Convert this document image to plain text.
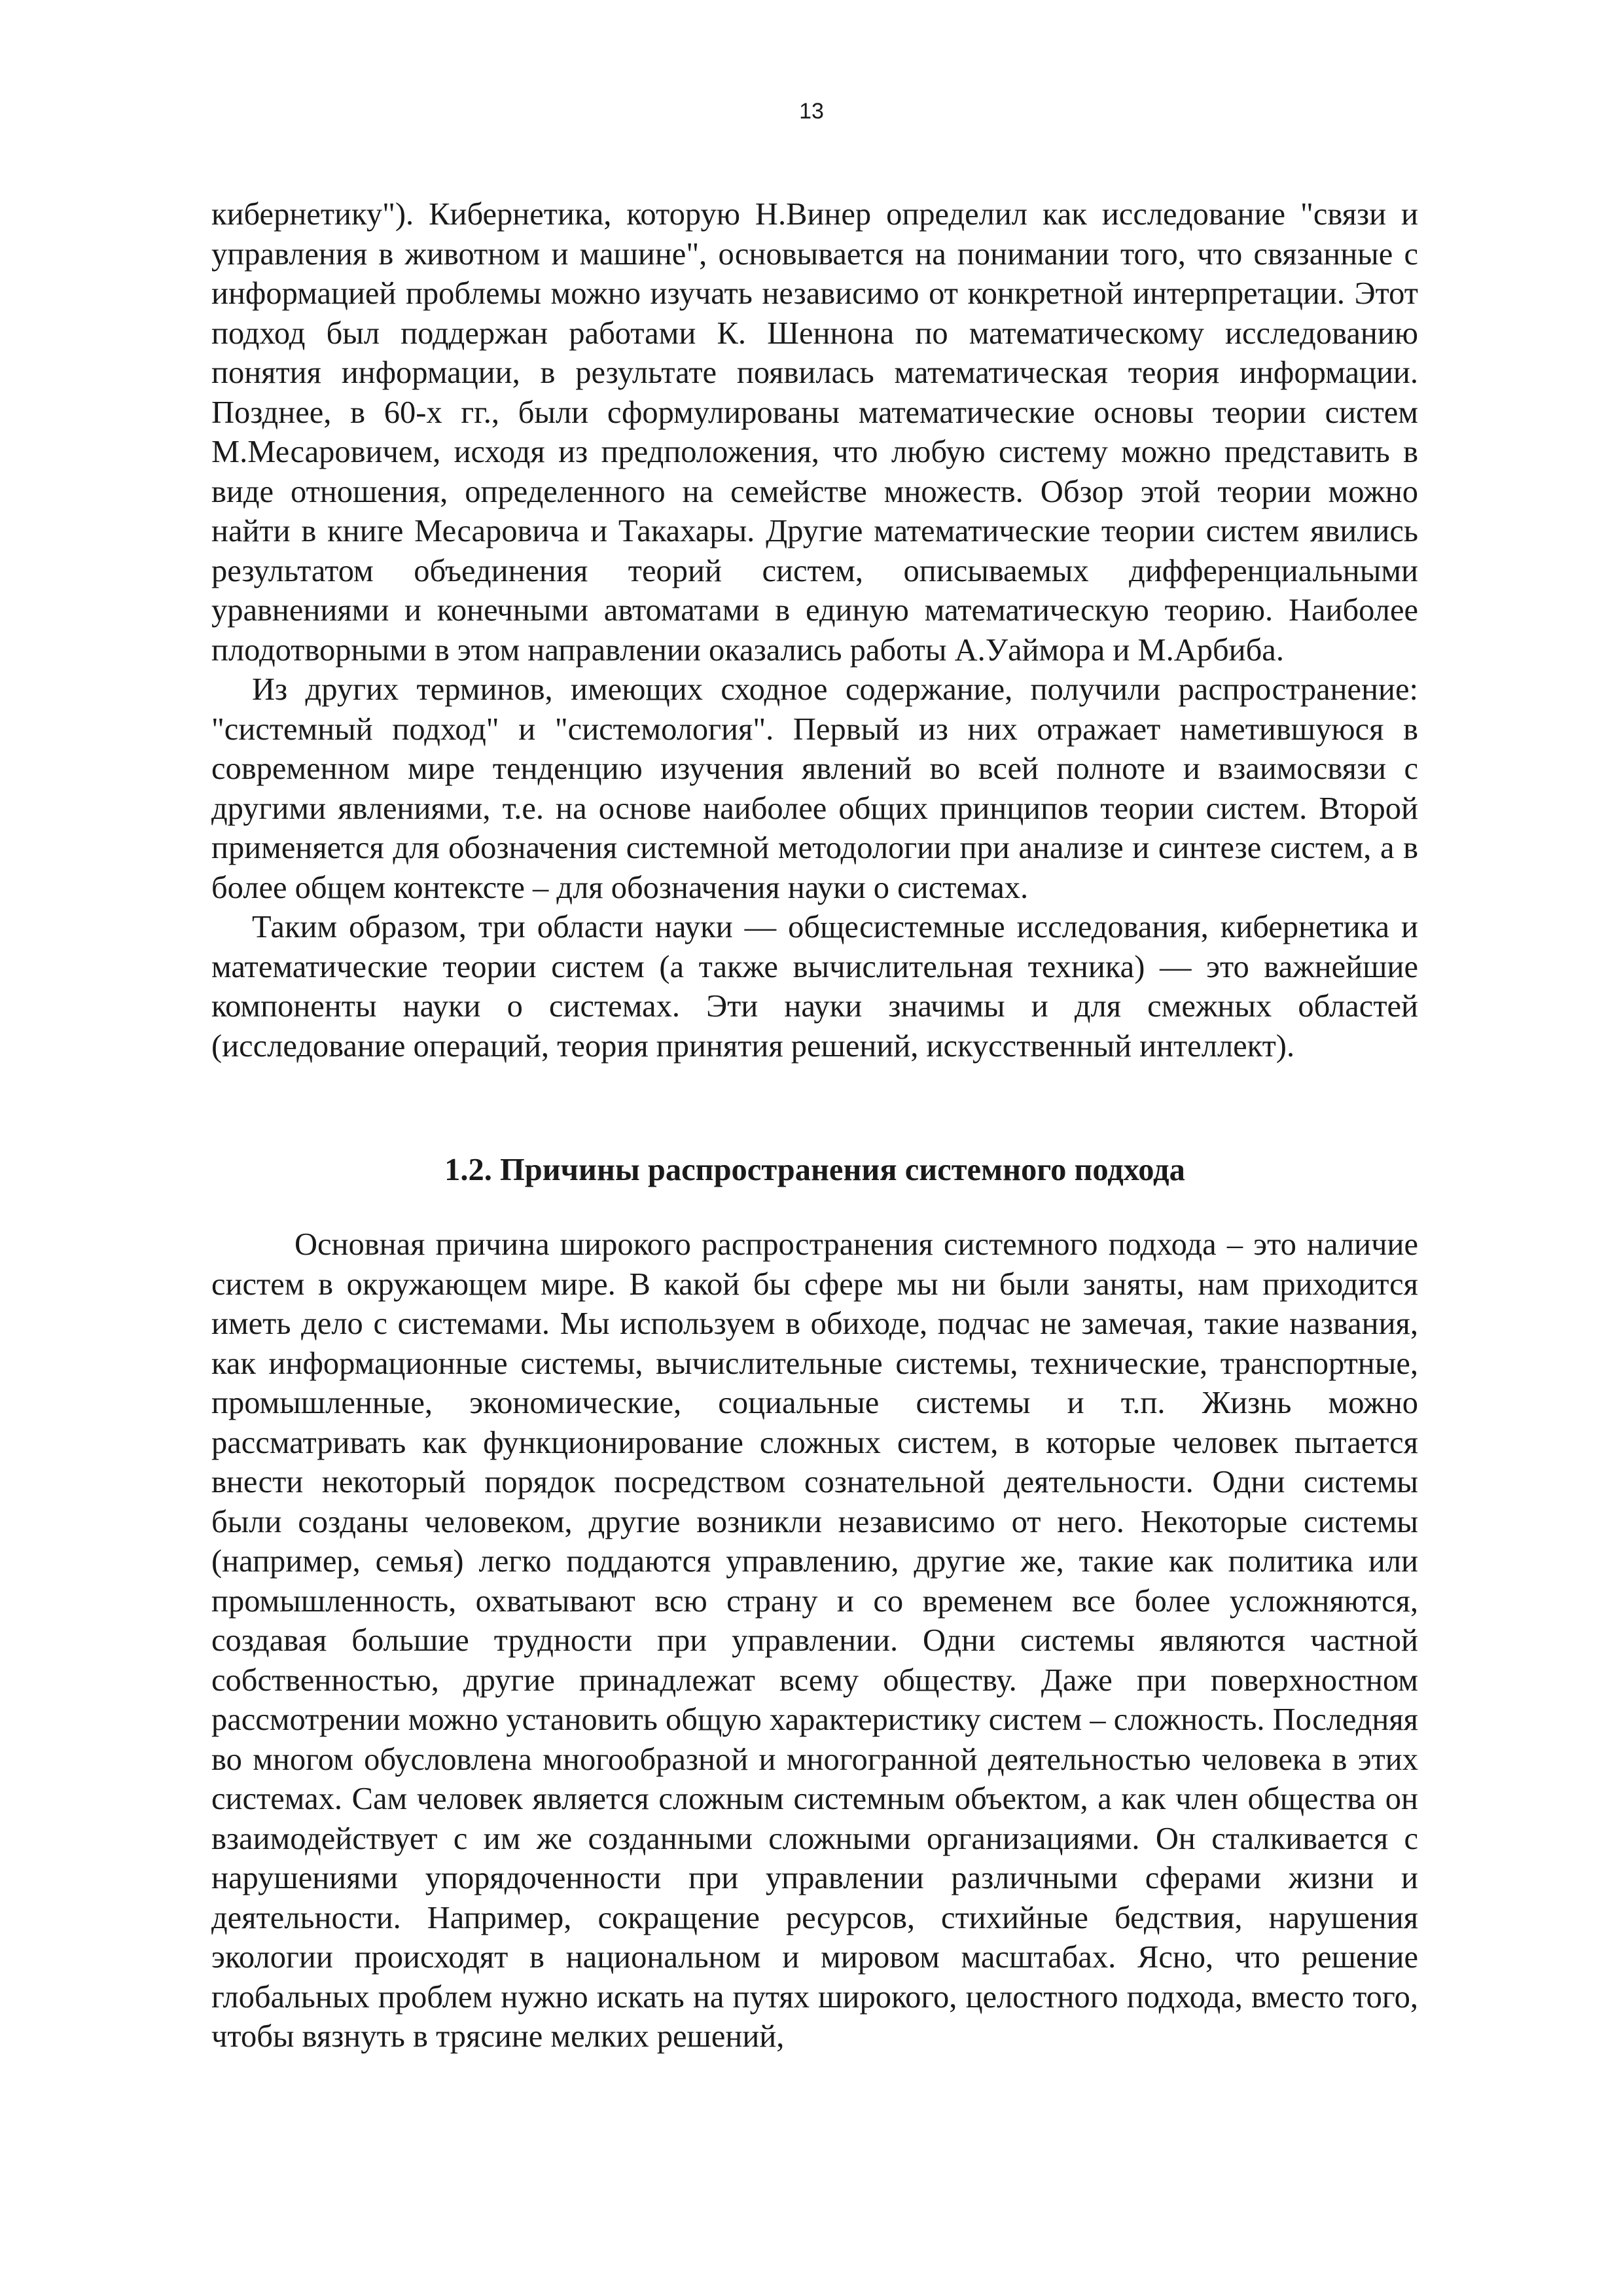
13

кибернетику"). Кибернетика, которую Н.Винер определил как исследование "связи и управления в животном и машине", основывается на понимании того, что связанные с информацией проблемы можно изучать независимо от конкретной интерпретации. Этот подход был поддержан работами К. Шеннона по математическому исследованию понятия информации, в результате появилась математическая теория информации. Позднее, в 60-х гг., были сформулированы математические основы теории систем М.Месаровичем, исходя из предположения, что любую систему можно представить в виде отношения, определенного на семействе множеств. Обзор этой теории можно найти в книге Месаровича и Такахары. Другие математические теории систем явились результатом объединения теорий систем, описываемых дифференциальными уравнениями и конечными автоматами в единую математическую теорию. Наиболее плодотворными в этом направлении оказались работы А.Уаймора и М.Арбиба.

Из других терминов, имеющих сходное содержание, получили распространение: "системный подход" и "системология". Первый из них отражает наметившуюся в современном мире тенденцию изучения явлений во всей полноте и взаимосвязи с другими явлениями, т.е. на основе наиболее общих принципов теории систем. Второй применяется для обозначения системной методологии при анализе и синтезе систем, а в более общем контексте – для обозначения науки о системах.

Таким образом, три области науки — общесистемные исследования, кибернетика и математические теории систем (а также вычислительная техника) — это важнейшие компоненты науки о системах. Эти науки значимы и для смежных областей (исследование операций, теория принятия решений, искусственный интеллект).

1.2. Причины распространения системного подхода

Основная причина широкого распространения системного подхода – это наличие систем в окружающем мире. В какой бы сфере мы ни были заняты, нам приходится иметь дело с системами. Мы используем в обиходе, подчас не замечая, такие названия, как информационные системы, вычислительные системы, технические, транспортные, промышленные, экономические, социальные системы и т.п. Жизнь можно рассматривать как функционирование сложных систем, в которые человек пытается внести некоторый порядок посредством сознательной деятельности. Одни системы были созданы человеком, другие возникли независимо от него. Некоторые системы (например, семья) легко поддаются управлению, другие же, такие как политика или промышленность, охватывают всю страну и со временем все более усложняются, создавая большие трудности при управлении. Одни системы являются частной собственностью, другие принадлежат всему обществу. Даже при поверхностном рассмотрении можно установить общую характеристику систем – сложность. Последняя во многом обусловлена многообразной и многогранной деятельностью человека в этих системах. Сам человек является сложным системным объектом, а как член общества он взаимодействует с им же созданными сложными организациями. Он сталкивается с нарушениями упорядоченности при управлении различными сферами жизни и деятельности. Например, сокращение ресурсов, стихийные бедствия, нарушения экологии происходят в национальном и мировом масштабах. Ясно, что решение глобальных проблем нужно искать на путях широкого, целостного подхода, вместо того, чтобы вязнуть в трясине мелких решений,
